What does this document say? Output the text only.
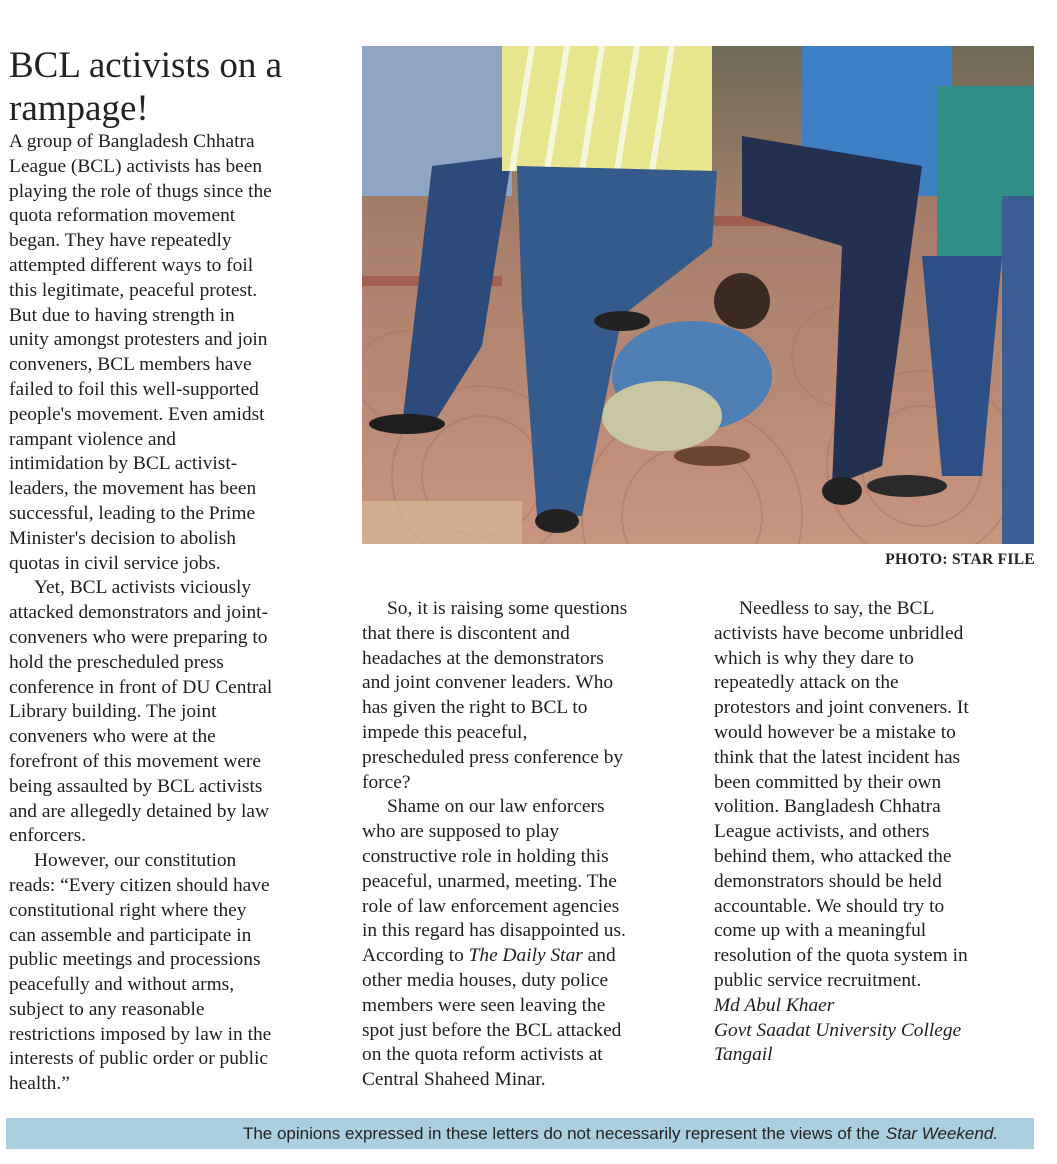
BCL activists on a
rampage!

A group of Bangladesh Chhatra
League (BCL) activists has been
playing the role of thugs since the
quota reformation movement
began. They have repeatedly
attempted different ways to foil
this legitimate, peaceful protest.
But due to having strength in
unity amongst protesters and join
conveners, BCL members have
failed to foil this well-supported
people's movement. Even amidst
rampant violence and
intimidation by BCL activist-
leaders, the movement has been
successful, leading to the Prime
Minister's decision to abolish
quotas in civil service jobs.

Yet, BCL activists viciously
attacked demonstrators and joint-
conveners who were preparing to
hold the prescheduled press
conference in front of DU Central
Library building. The joint
conveners who were at the
forefront of this movement were
being assaulted by BCL activists
and are allegedly detained by law
enforcers.

However, our constitution
reads: “Every citizen should have
constitutional right where they
can assemble and participate in
public meetings and processions
peacefully and without arms,
subject to any reasonable
restrictions imposed by law in the
interests of public order or public
health.”

PHOTO: STAR FILE

So, it is raising some questions
that there is discontent and
headaches at the demonstrators
and joint convener leaders. Who
has given the right to BCL to
impede this peaceful,
prescheduled press conference by
force?

Shame on our law enforcers
who are supposed to play
constructive role in holding this
peaceful, unarmed, meeting. The
role of law enforcement agencies
in this regard has disappointed us.
According to The Daily Star and
other media houses, duty police
members were seen leaving the
spot just before the BCL attacked
on the quota reform activists at
Central Shaheed Minar.

Needless to say, the BCL
activists have become unbridled
which is why they dare to
repeatedly attack on the
protestors and joint conveners. It
would however be a mistake to
think that the latest incident has
been committed by their own
volition. Bangladesh Chhatra
League activists, and others
behind them, who attacked the
demonstrators should be held
accountable. We should try to
come up with a meaningful
resolution of the quota system in
public service recruitment.

Md Abul Khaer

Govt Saadat University College

Tangail

The opinions expressed in these letters do not necessarily represent the views of the Star Weekend.
